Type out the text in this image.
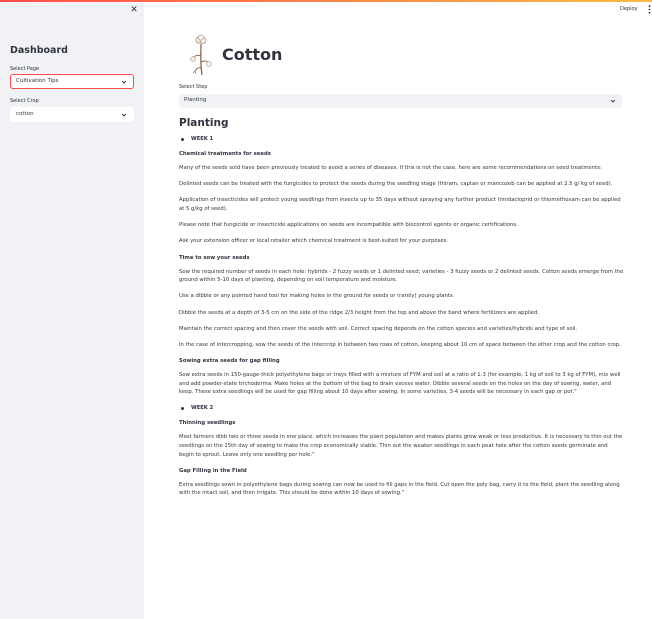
✕
Dashboard
Select Page
Cultivation Tips
Select Crop
cotton
Deploy
Cotton
Select Step
Planting
Planting
WEEK 1
Chemical treatments for seeds

Many of the seeds sold have been previously treated to avoid a series of diseases. If this is not the case, here are some recommendations on seed treatments:

Delinted seeds can be treated with the fungicides to protect the seeds during the seedling stage (thiram, captan or mancozeb can be applied at 2.5 g/ kg of seed).

Application of insecticides will protect young seedlings from insects up to 35 days without spraying any further product (imidacloprid or thiomethoxam can be applied at 5 g/kg of seed).

Please note that fungicide or insecticide applications on seeds are incompatible with biocontrol agents or organic certifications.

Ask your extension officer or local retailer which chemical treatment is best-suited for your purposes.

Time to sow your seeds

Sow the required number of seeds in each hole: hybrids - 2 fuzzy seeds or 1 delinted seed; varieties - 3 fuzzy seeds or 2 delinted seeds. Cotton seeds emerge from the ground within 5-10 days of planting, depending on soil temperature and moisture.

Use a dibble or any pointed hand tool for making holes in the ground for seeds or (rarely) young plants.

Dibble the seeds at a depth of 3-5 cm on the side of the ridge 2/3 height from the top and above the band where fertilizers are applied.

Maintain the correct spacing and then cover the seeds with soil. Correct spacing depends on the cotton species and varieties/hybrids and type of soil.

In the case of intercropping, sow the seeds of the intercrop in between two rows of cotton, keeping about 10 cm of space between the other crop and the cotton crop.

Sowing extra seeds for gap filling

Sow extra seeds in 150-gauge-thick polyethylene bags or trays filled with a mixture of FYM and soil at a ratio of 1:3 (for example, 1 kg of soil to 3 kg of FYM), mix well and add powder-state trichoderma. Make holes at the bottom of the bag to drain excess water. Dibble several seeds on the holes on the day of sowing, water, and keep. These extra seedlings will be used for gap filling about 10 days after sowing. In some varieties, 3-4 seeds will be necessary in each gap or pot."

WEEK 2
Thinning seedlings

Most farmers dibb two or three seeds in one place, which increases the plant population and makes plants grow weak or less productive. It is necessary to thin out the seedlings on the 15th day of sowing to make the crop economically viable. Thin out the weaker seedlings in each peat hole after the cotton seeds germinate and begin to sprout. Leave only one seedling per hole."

Gap Filling in the Field

Extra seedlings sown in polyethylene bags during sowing can now be used to fill gaps in the field. Cut open the poly bag, carry it to the field, plant the seedling along with the intact soil, and then irrigate. This should be done within 10 days of sowing."
